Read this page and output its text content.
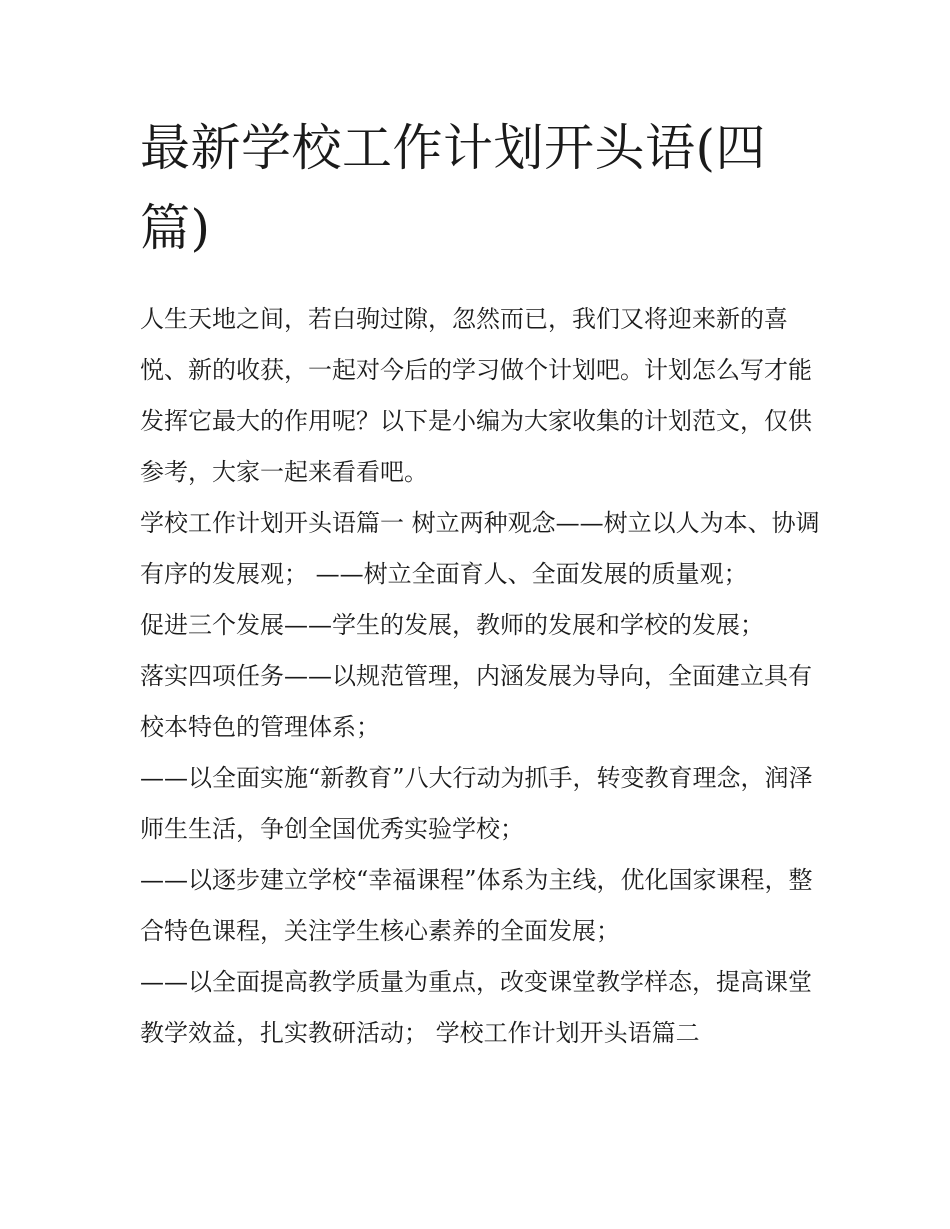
最新学校工作计划开头语(四篇)

人生天地之间，若白驹过隙，忽然而已，我们又将迎来新的喜悦、新的收获，一起对今后的学习做个计划吧。计划怎么写才能发挥它最大的作用呢？以下是小编为大家收集的计划范文，仅供参考，大家一起来看看吧。

学校工作计划开头语篇一 树立两种观念——树立以人为本、协调有序的发展观； ——树立全面育人、全面发展的质量观；

促进三个发展——学生的发展，教师的发展和学校的发展；

落实四项任务——以规范管理，内涵发展为导向，全面建立具有校本特色的管理体系；

——以全面实施“新教育”八大行动为抓手，转变教育理念，润泽师生生活，争创全国优秀实验学校；

——以逐步建立学校“幸福课程”体系为主线，优化国家课程，整合特色课程，关注学生核心素养的全面发展；

——以全面提高教学质量为重点，改变课堂教学样态，提高课堂教学效益，扎实教研活动； 学校工作计划开头语篇二
